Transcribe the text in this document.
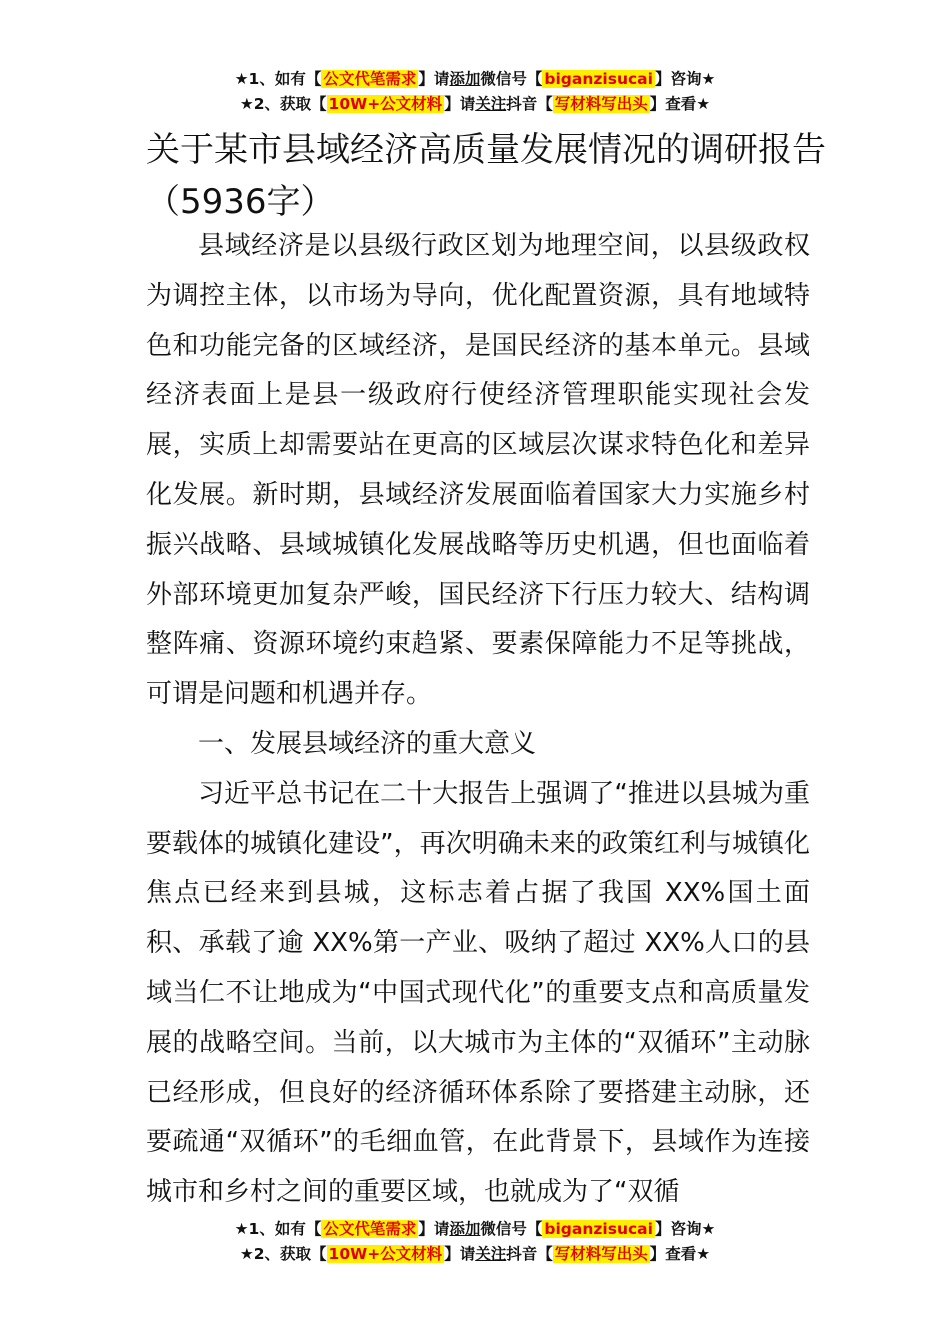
★1、如有【 公文代笔需求 】请添加微信号【 biganzisucai 】咨询★
★2、获取【 10W+公文材料 】请关注抖音【 写材料写出头 】查看★
关于某市县域经济高质量发展情况的调研报告（5936字）

县域经济是以县级行政区划为地理空间，以县级政权为调控主体，以市场为导向，优化配置资源，具有地域特色和功能完备的区域经济，是国民经济的基本单元。县域经济表面上是县一级政府行使经济管理职能实现社会发展，实质上却需要站在更高的区域层次谋求特色化和差异化发展。新时期，县域经济发展面临着国家大力实施乡村振兴战略、县域城镇化发展战略等历史机遇，但也面临着外部环境更加复杂严峻，国民经济下行压力较大、结构调整阵痛、资源环境约束趋紧、要素保障能力不足等挑战，可谓是问题和机遇并存。

一、发展县域经济的重大意义

习近平总书记在二十大报告上强调了“推进以县城为重要载体的城镇化建设”，再次明确未来的政策红利与城镇化焦点已经来到县城，这标志着占据了我国 XX%国土面积、承载了逾 XX%第一产业、吸纳了超过 XX%人口的县域当仁不让地成为“中国式现代化”的重要支点和高质量发展的战略空间。当前，以大城市为主体的“双循环”主动脉已经形成，但良好的经济循环体系除了要搭建主动脉，还要疏通“双循环”的毛细血管，在此背景下，县域作为连接城市和乡村之间的重要区域，也就成为了“双循

★1、如有【 公文代笔需求 】请添加微信号【 biganzisucai 】咨询★
★2、获取【 10W+公文材料 】请关注抖音【 写材料写出头 】查看★
